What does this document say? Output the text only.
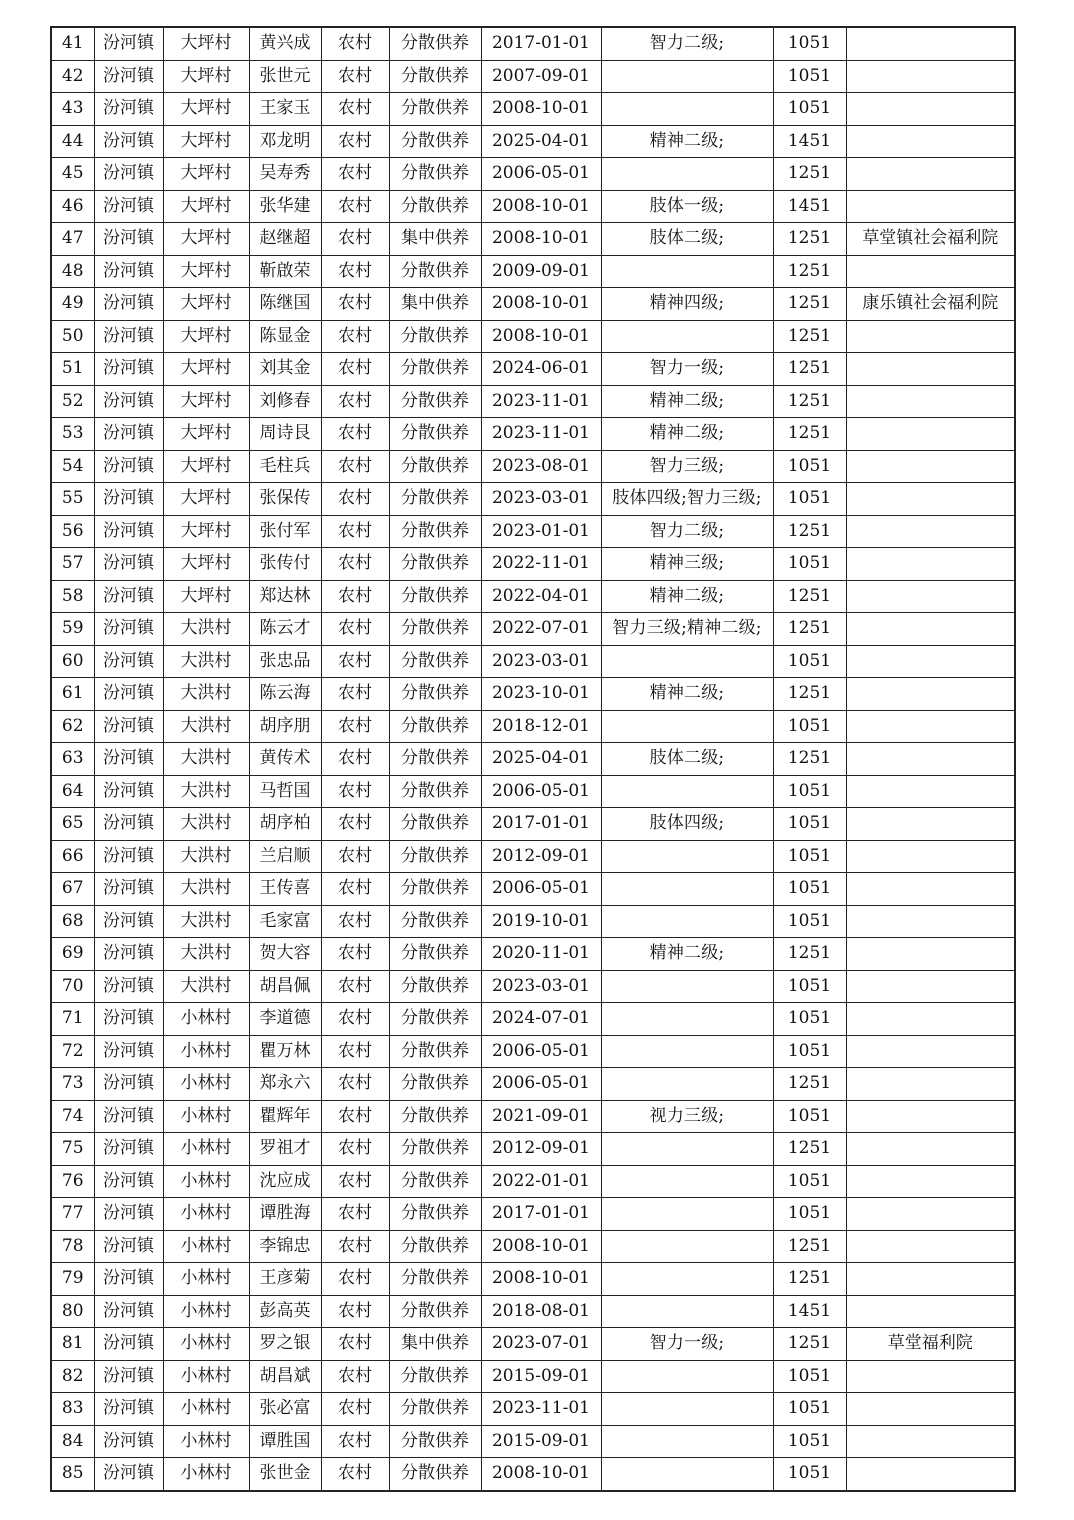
41	汾河镇	大坪村	黄兴成	农村	分散供养	2017-01-01	智力二级;	1051	
42	汾河镇	大坪村	张世元	农村	分散供养	2007-09-01		1051	
43	汾河镇	大坪村	王家玉	农村	分散供养	2008-10-01		1051	
44	汾河镇	大坪村	邓龙明	农村	分散供养	2025-04-01	精神二级;	1451	
45	汾河镇	大坪村	吴寿秀	农村	分散供养	2006-05-01		1251	
46	汾河镇	大坪村	张华建	农村	分散供养	2008-10-01	肢体一级;	1451	
47	汾河镇	大坪村	赵继超	农村	集中供养	2008-10-01	肢体二级;	1251	草堂镇社会福利院
48	汾河镇	大坪村	靳啟荣	农村	分散供养	2009-09-01		1251	
49	汾河镇	大坪村	陈继国	农村	集中供养	2008-10-01	精神四级;	1251	康乐镇社会福利院
50	汾河镇	大坪村	陈显金	农村	分散供养	2008-10-01		1251	
51	汾河镇	大坪村	刘其金	农村	分散供养	2024-06-01	智力一级;	1251	
52	汾河镇	大坪村	刘修春	农村	分散供养	2023-11-01	精神二级;	1251	
53	汾河镇	大坪村	周诗艮	农村	分散供养	2023-11-01	精神二级;	1251	
54	汾河镇	大坪村	毛柱兵	农村	分散供养	2023-08-01	智力三级;	1051	
55	汾河镇	大坪村	张保传	农村	分散供养	2023-03-01	肢体四级;智力三级;	1051	
56	汾河镇	大坪村	张付军	农村	分散供养	2023-01-01	智力二级;	1251	
57	汾河镇	大坪村	张传付	农村	分散供养	2022-11-01	精神三级;	1051	
58	汾河镇	大坪村	郑达林	农村	分散供养	2022-04-01	精神二级;	1251	
59	汾河镇	大洪村	陈云才	农村	分散供养	2022-07-01	智力三级;精神二级;	1251	
60	汾河镇	大洪村	张忠品	农村	分散供养	2023-03-01		1051	
61	汾河镇	大洪村	陈云海	农村	分散供养	2023-10-01	精神二级;	1251	
62	汾河镇	大洪村	胡序朋	农村	分散供养	2018-12-01		1051	
63	汾河镇	大洪村	黄传术	农村	分散供养	2025-04-01	肢体二级;	1251	
64	汾河镇	大洪村	马哲国	农村	分散供养	2006-05-01		1051	
65	汾河镇	大洪村	胡序柏	农村	分散供养	2017-01-01	肢体四级;	1051	
66	汾河镇	大洪村	兰启顺	农村	分散供养	2012-09-01		1051	
67	汾河镇	大洪村	王传喜	农村	分散供养	2006-05-01		1051	
68	汾河镇	大洪村	毛家富	农村	分散供养	2019-10-01		1051	
69	汾河镇	大洪村	贺大容	农村	分散供养	2020-11-01	精神二级;	1251	
70	汾河镇	大洪村	胡昌佩	农村	分散供养	2023-03-01		1051	
71	汾河镇	小林村	李道德	农村	分散供养	2024-07-01		1051	
72	汾河镇	小林村	瞿万林	农村	分散供养	2006-05-01		1051	
73	汾河镇	小林村	郑永六	农村	分散供养	2006-05-01		1251	
74	汾河镇	小林村	瞿辉年	农村	分散供养	2021-09-01	视力三级;	1051	
75	汾河镇	小林村	罗祖才	农村	分散供养	2012-09-01		1251	
76	汾河镇	小林村	沈应成	农村	分散供养	2022-01-01		1051	
77	汾河镇	小林村	谭胜海	农村	分散供养	2017-01-01		1051	
78	汾河镇	小林村	李锦忠	农村	分散供养	2008-10-01		1251	
79	汾河镇	小林村	王彦菊	农村	分散供养	2008-10-01		1251	
80	汾河镇	小林村	彭高英	农村	分散供养	2018-08-01		1451	
81	汾河镇	小林村	罗之银	农村	集中供养	2023-07-01	智力一级;	1251	草堂福利院
82	汾河镇	小林村	胡昌斌	农村	分散供养	2015-09-01		1051	
83	汾河镇	小林村	张必富	农村	分散供养	2023-11-01		1051	
84	汾河镇	小林村	谭胜国	农村	分散供养	2015-09-01		1051	
85	汾河镇	小林村	张世金	农村	分散供养	2008-10-01		1051	
